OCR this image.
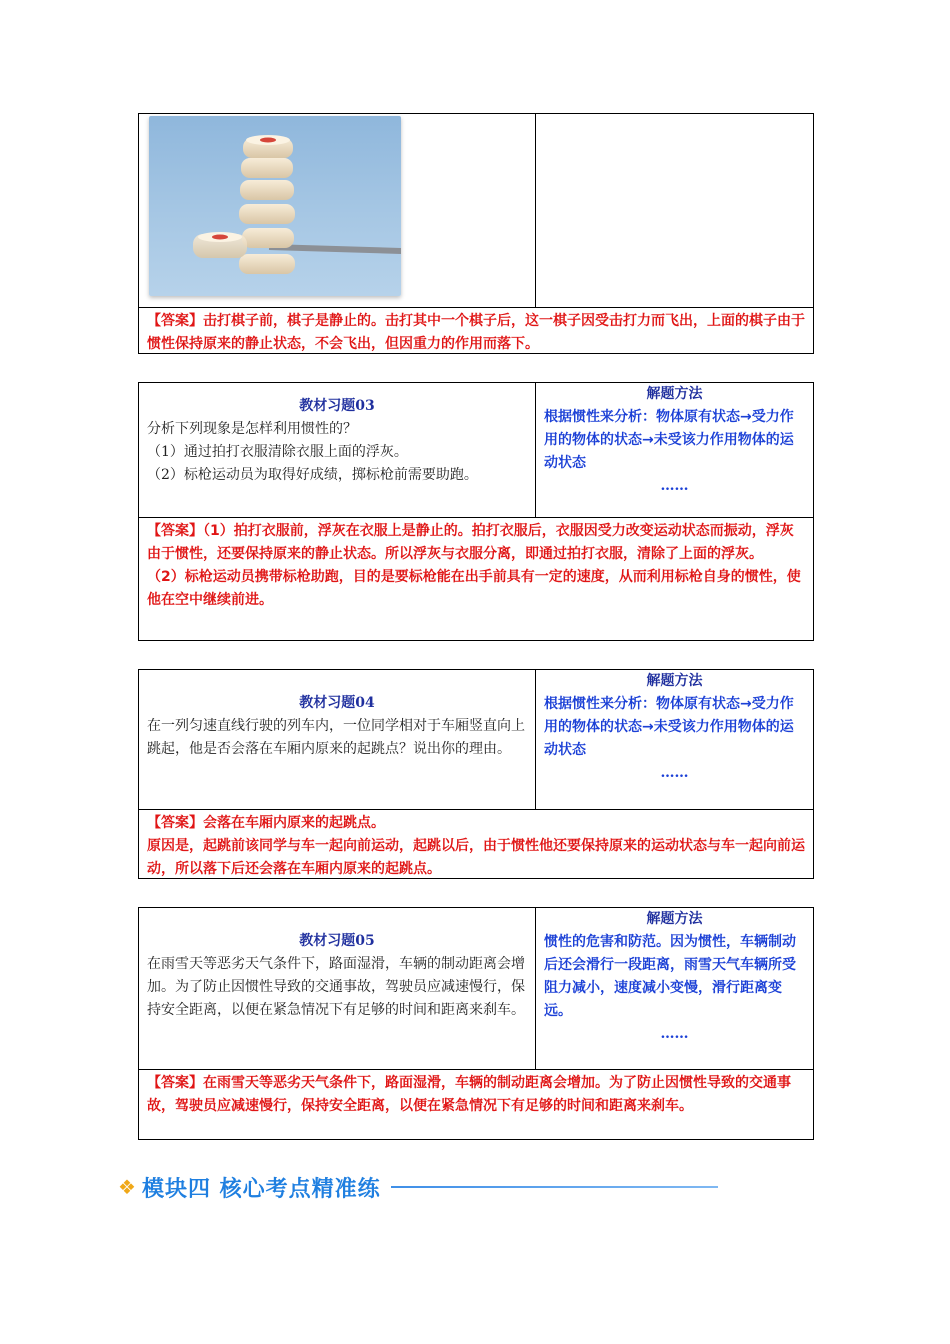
【答案】击打棋子前，棋子是静止的。击打其中一个棋子后，这一棋子因受击打力而飞出，上面的棋子由于惯性保持原来的静止状态，不会飞出，但因重力的作用而落下。
教材习题03
分析下列现象是怎样利用惯性的？
（1）通过拍打衣服清除衣服上面的浮灰。
（2）标枪运动员为取得好成绩，掷标枪前需要助跑。
解题方法
根据惯性来分析：物体原有状态→受力作用的物体的状态→未受该力作用物体的运动状态
……

【答案】（1）拍打衣服前，浮灰在衣服上是静止的。拍打衣服后，衣服因受力改变运动状态而振动，浮灰由于惯性，还要保持原来的静止状态。所以浮灰与衣服分离，即通过拍打衣服，清除了上面的浮灰。

（2）标枪运动员携带标枪助跑，目的是要标枪能在出手前具有一定的速度，从而利用标枪自身的惯性，使他在空中继续前进。

教材习题04
在一列匀速直线行驶的列车内，一位同学相对于车厢竖直向上跳起，他是否会落在车厢内原来的起跳点？说出你的理由。
解题方法
根据惯性来分析：物体原有状态→受力作用的物体的状态→未受该力作用物体的运动状态
……

【答案】会落在车厢内原来的起跳点。

原因是，起跳前该同学与车一起向前运动，起跳以后，由于惯性他还要保持原来的运动状态与车一起向前运动，所以落下后还会落在车厢内原来的起跳点。

教材习题05
在雨雪天等恶劣天气条件下，路面湿滑，车辆的制动距离会增加。为了防止因惯性导致的交通事故，驾驶员应减速慢行，保持安全距离，以便在紧急情况下有足够的时间和距离来刹车。
解题方法
惯性的危害和防范。因为惯性，车辆制动后还会滑行一段距离，雨雪天气车辆所受阻力减小，速度减小变慢，滑行距离变远。
……
【答案】在雨雪天等恶劣天气条件下，路面湿滑，车辆的制动距离会增加。为了防止因惯性导致的交通事故，驾驶员应减速慢行，保持安全距离，以便在紧急情况下有足够的时间和距离来刹车。
❖ 模块四 核心考点精准练
